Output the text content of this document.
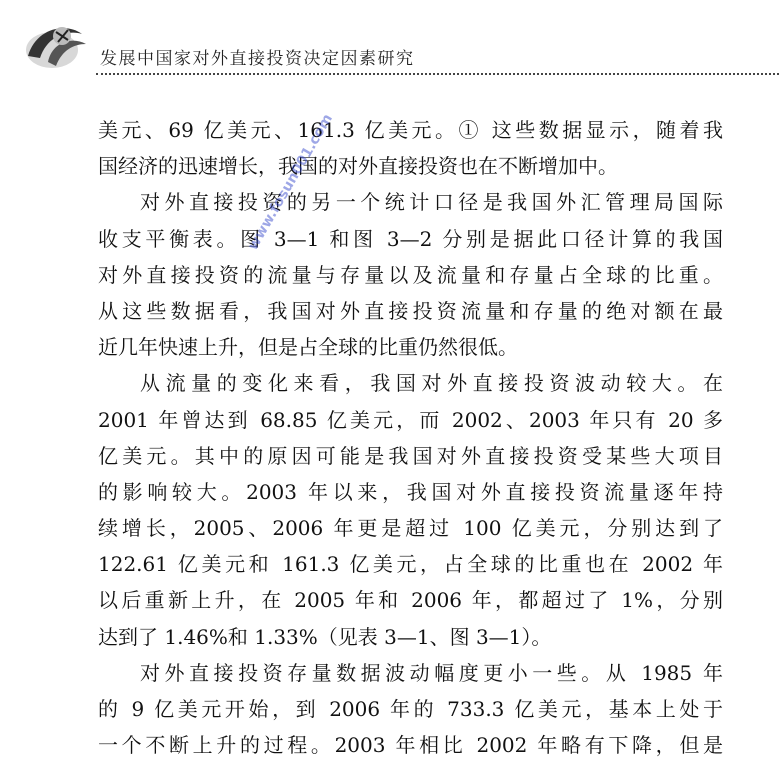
发展中国家对外直接投资决定因素研究
美元、69 亿美元、161.3 亿美元。① 这些数据显示，随着我
国经济的迅速增长，我国的对外直接投资也在不断增加中。
对外直接投资的另一个统计口径是我国外汇管理局国际
收支平衡表。图 3—1 和图 3—2 分别是据此口径计算的我国
对外直接投资的流量与存量以及流量和存量占全球的比重。
从这些数据看，我国对外直接投资流量和存量的绝对额在最
近几年快速上升，但是占全球的比重仍然很低。
从流量的变化来看，我国对外直接投资波动较大。在
2001 年曾达到 68.85 亿美元，而 2002、2003 年只有 20 多
亿美元。其中的原因可能是我国对外直接投资受某些大项目
的影响较大。2003 年以来，我国对外直接投资流量逐年持
续增长，2005、2006 年更是超过 100 亿美元，分别达到了
122.61 亿美元和 161.3 亿美元，占全球的比重也在 2002 年
以后重新上升，在 2005 年和 2006 年，都超过了 1%，分别
达到了 1.46%和 1.33%（见表 3—1、图 3—1）。
对外直接投资存量数据波动幅度更小一些。从 1985 年
的 9 亿美元开始，到 2006 年的 733.3 亿美元，基本上处于
一个不断上升的过程。2003 年相比 2002 年略有下降，但是
www.fosun001.com
